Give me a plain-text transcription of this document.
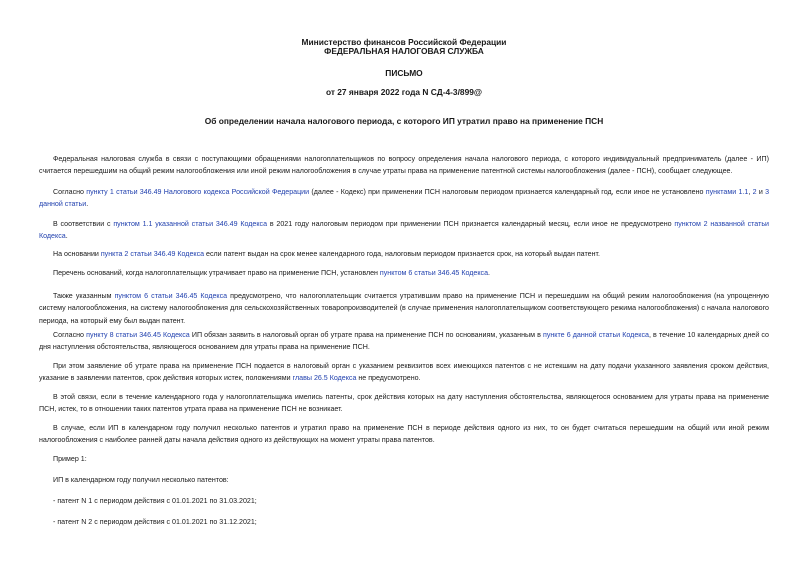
Министерство финансов Российской Федерации
ФЕДЕРАЛЬНАЯ НАЛОГОВАЯ СЛУЖБА
ПИСЬМО
от 27 января 2022 года N СД-4-3/899@
Об определении начала налогового периода, с которого ИП утратил право на применение ПСН
Федеральная налоговая служба в связи с поступающими обращениями налогоплательщиков по вопросу определения начала налогового периода, с которого индивидуальный предприниматель (далее - ИП) считается перешедшим на общий режим налогообложения или иной режим налогообложения в случае утраты права на применение патентной системы налогообложения (далее - ПСН), сообщает следующее.
Согласно пункту 1 статьи 346.49 Налогового кодекса Российской Федерации (далее - Кодекс) при применении ПСН налоговым периодом признается календарный год, если иное не установлено пунктами 1.1, 2 и 3 данной статьи.
В соответствии с пунктом 1.1 указанной статьи 346.49 Кодекса в 2021 году налоговым периодом при применении ПСН признается календарный месяц, если иное не предусмотрено пунктом 2 названной статьи Кодекса.
На основании пункта 2 статьи 346.49 Кодекса если патент выдан на срок менее календарного года, налоговым периодом признается срок, на который выдан патент.
Перечень оснований, когда налогоплательщик утрачивает право на применение ПСН, установлен пунктом 6 статьи 346.45 Кодекса.
Также указанным пунктом 6 статьи 346.45 Кодекса предусмотрено, что налогоплательщик считается утратившим право на применение ПСН и перешедшим на общий режим налогообложения (на упрощенную систему налогообложения, на систему налогообложения для сельскохозяйственных товаропроизводителей (в случае применения налогоплательщиком соответствующего режима налогообложения) с начала налогового периода, на который ему был выдан патент.
Согласно пункту 8 статьи 346.45 Кодекса ИП обязан заявить в налоговый орган об утрате права на применение ПСН по основаниям, указанным в пункте 6 данной статьи Кодекса, в течение 10 календарных дней со дня наступления обстоятельства, являющегося основанием для утраты права на применение ПСН.
При этом заявление об утрате права на применение ПСН подается в налоговый орган с указанием реквизитов всех имеющихся патентов с не истекшим на дату подачи указанного заявления сроком действия, указание в заявлении патентов, срок действия которых истек, положениями главы 26.5 Кодекса не предусмотрено.
В этой связи, если в течение календарного года у налогоплательщика имелись патенты, срок действия которых на дату наступления обстоятельства, являющегося основанием для утраты права на применение ПСН, истек, то в отношении таких патентов утрата права на применение ПСН не возникает.
В случае, если ИП в календарном году получил несколько патентов и утратил право на применение ПСН в периоде действия одного из них, то он будет считаться перешедшим на общий или иной режим налогообложения с наиболее ранней даты начала действия одного из действующих на момент утраты права патентов.
Пример 1:
ИП в календарном году получил несколько патентов:
- патент N 1 с периодом действия с 01.01.2021 по 31.03.2021;
- патент N 2 с периодом действия с 01.01.2021 по 31.12.2021;
